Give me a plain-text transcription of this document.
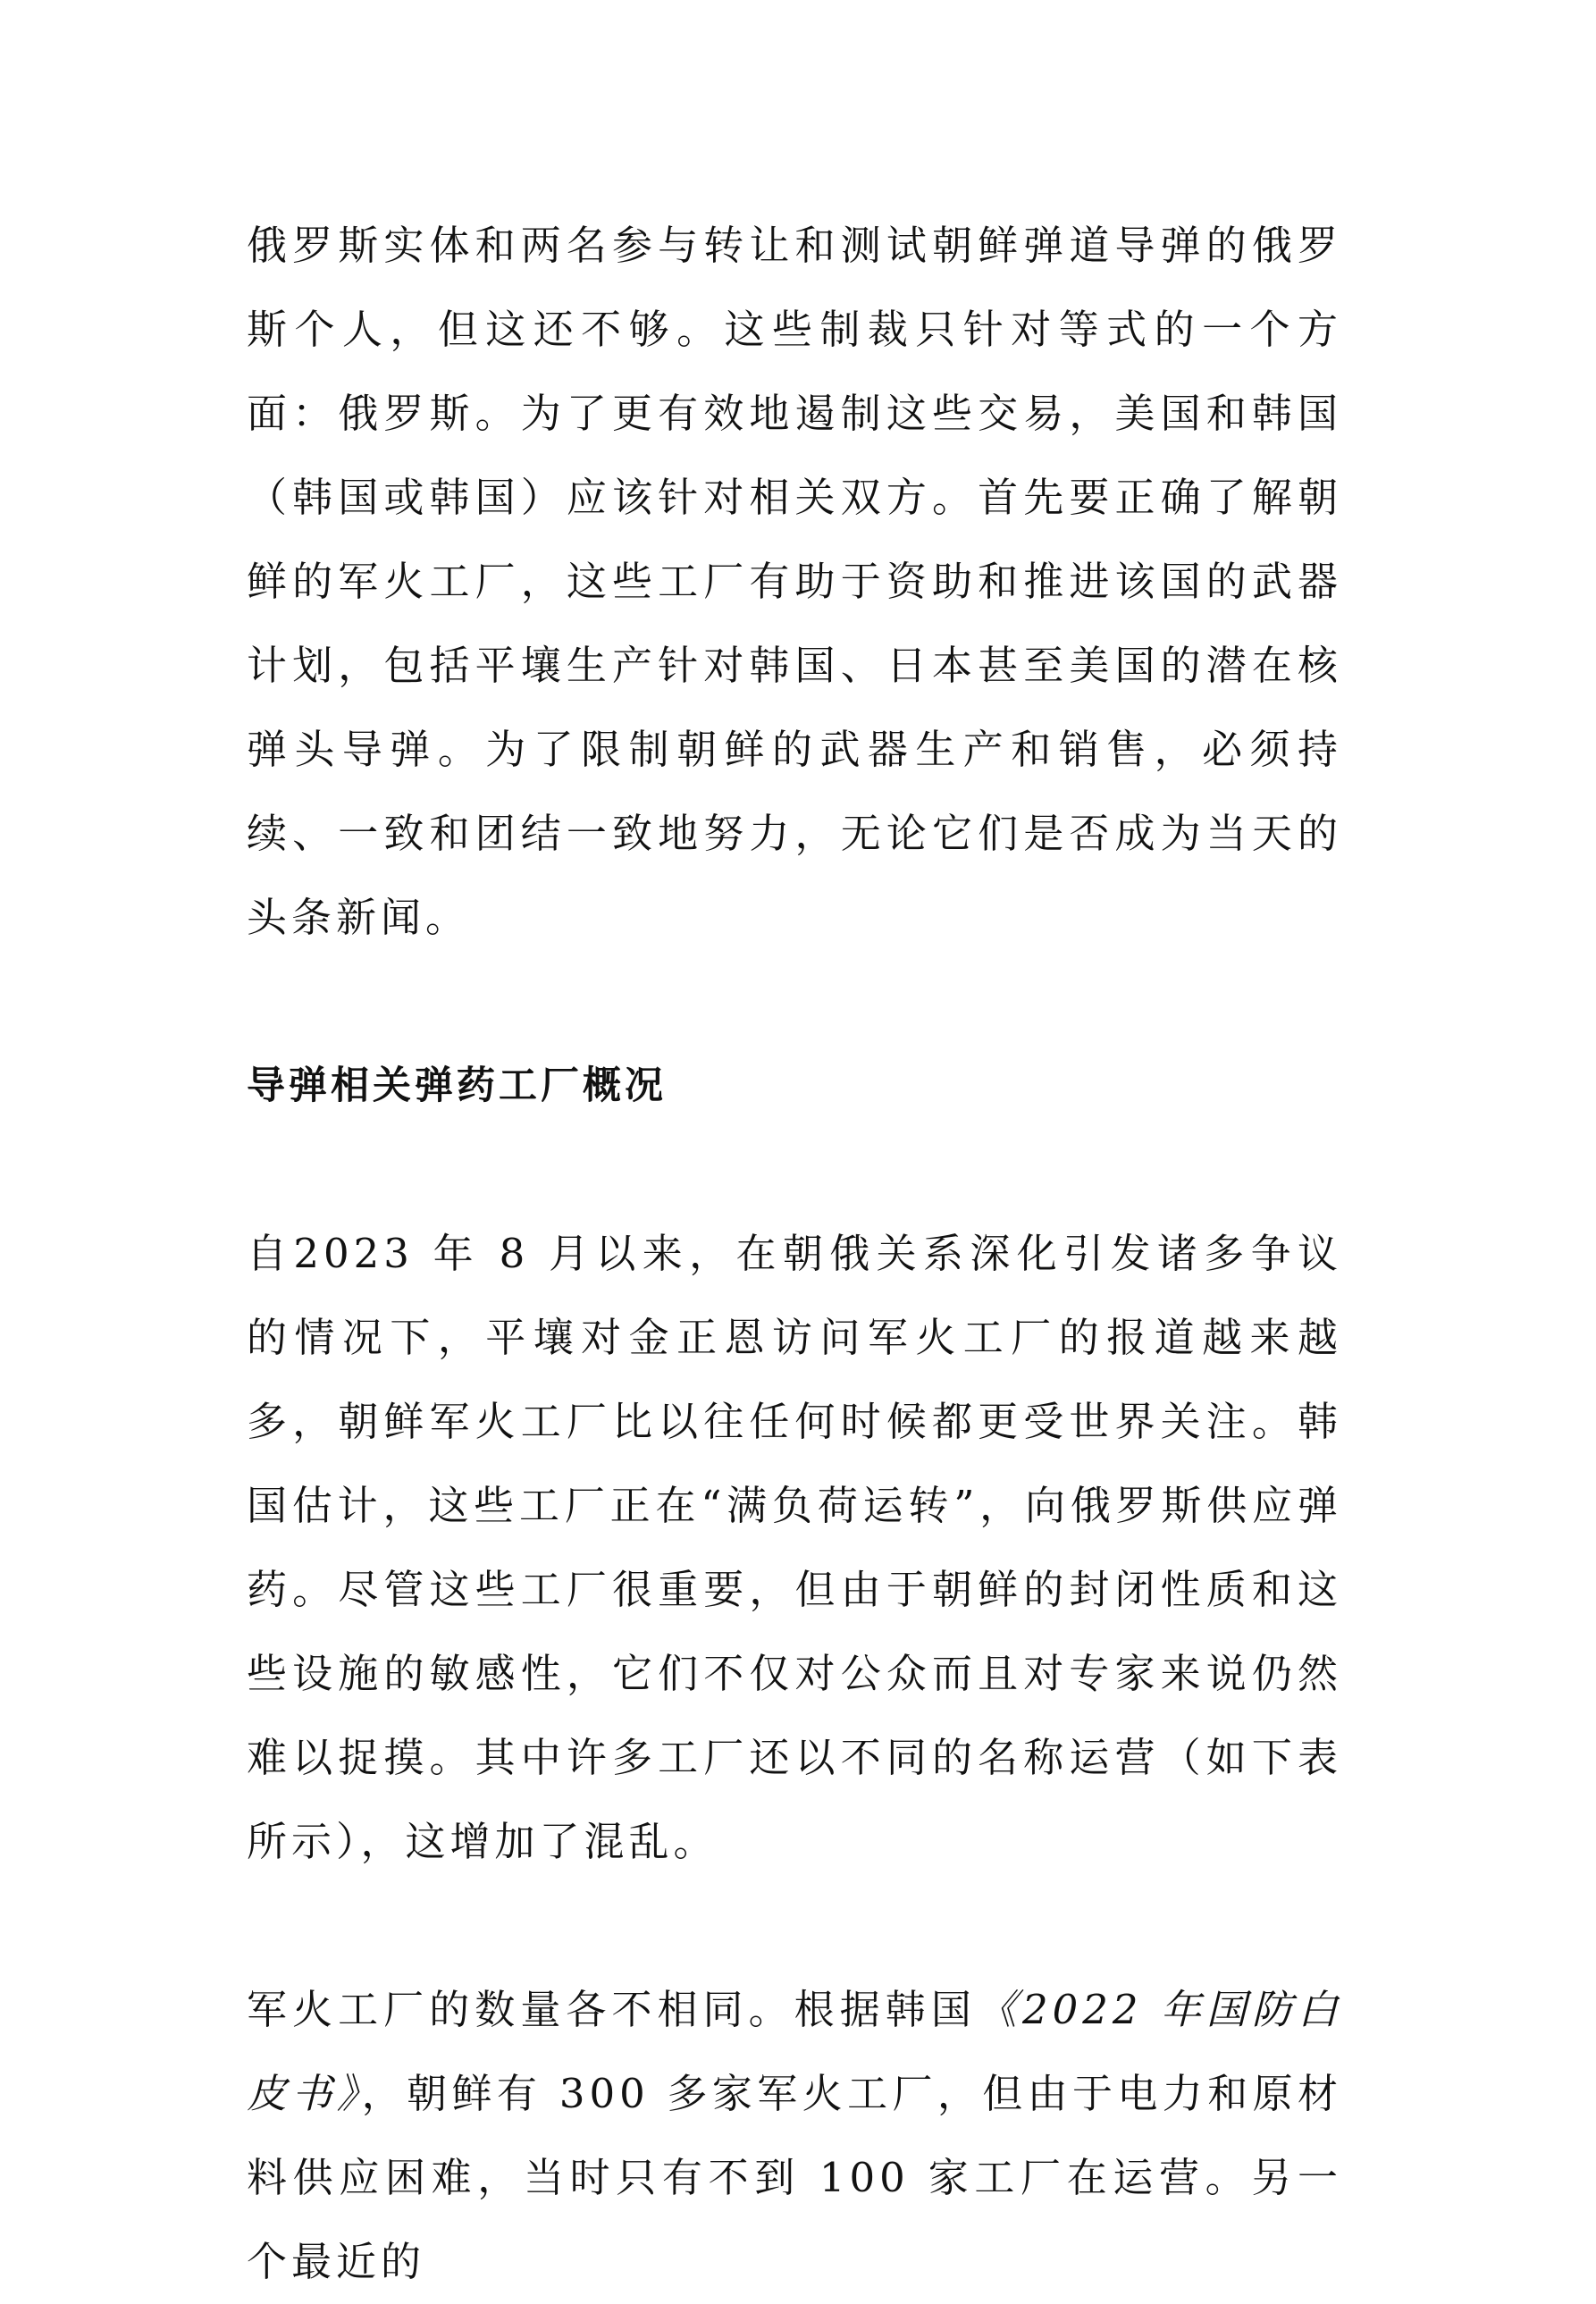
俄罗斯实体和两名参与转让和测试朝鲜弹道导弹的俄罗斯个人，但这还不够。这些制裁只针对等式的一个方面：俄罗斯。为了更有效地遏制这些交易，美国和韩国（韩国或韩国）应该针对相关双方。首先要正确了解朝鲜的军火工厂，这些工厂有助于资助和推进该国的武器计划，包括平壤生产针对韩国、日本甚至美国的潜在核弹头导弹。为了限制朝鲜的武器生产和销售，必须持续、一致和团结一致地努力，无论它们是否成为当天的头条新闻。

导弹相关弹药工厂概况

自2023 年 8 月以来，在朝俄关系深化引发诸多争议的情况下，平壤对金正恩访问军火工厂的报道越来越多，朝鲜军火工厂比以往任何时候都更受世界关注。韩国估计，这些工厂正在“满负荷运转”，向俄罗斯供应弹药。尽管这些工厂很重要，但由于朝鲜的封闭性质和这些设施的敏感性，它们不仅对公众而且对专家来说仍然难以捉摸。其中许多工厂还以不同的名称运营（如下表所示），这增加了混乱。

军火工厂的数量各不相同。根据韩国《2022 年国防白皮书》，朝鲜有 300 多家军火工厂，但由于电力和原材料供应困难，当时只有不到 100 家工厂在运营。另一个最近的
